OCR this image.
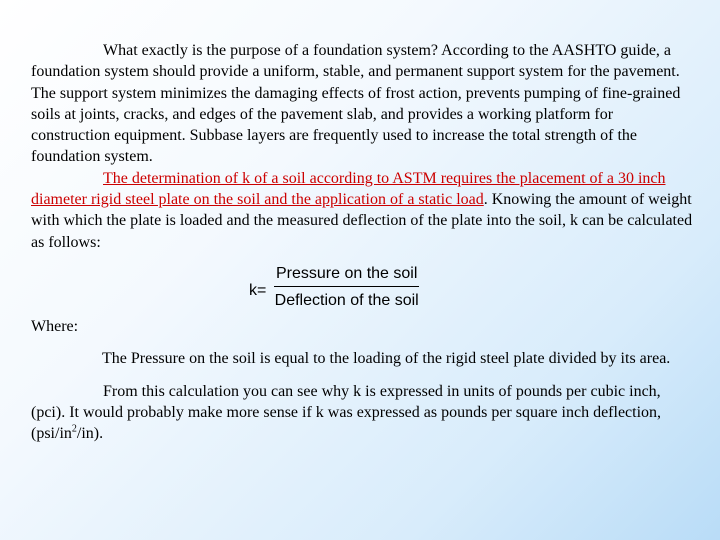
What exactly is the purpose of a foundation system? According to the AASHTO guide, a foundation system should provide a uniform, stable, and permanent support system for the pavement. The support system minimizes the damaging effects of frost action, prevents pumping of fine-grained soils at joints, cracks, and edges of the pavement slab, and provides a working platform for construction equipment. Subbase layers are frequently used to increase the total strength of the foundation system.

The determination of k of a soil according to ASTM requires the placement of a 30 inch diameter rigid steel plate on the soil and the application of a static load. Knowing the amount of weight with which the plate is loaded and the measured deflection of the plate into the soil, k can be calculated as follows:

k=
Pressure on the soil
Deflection of the soil

Where:

The Pressure on the soil is equal to the loading of the rigid steel plate divided by its area.

From this calculation you can see why k is expressed in units of pounds per cubic inch, (pci). It would probably make more sense if k was expressed as pounds per square inch deflection, $(psi/in^2/in)$.
